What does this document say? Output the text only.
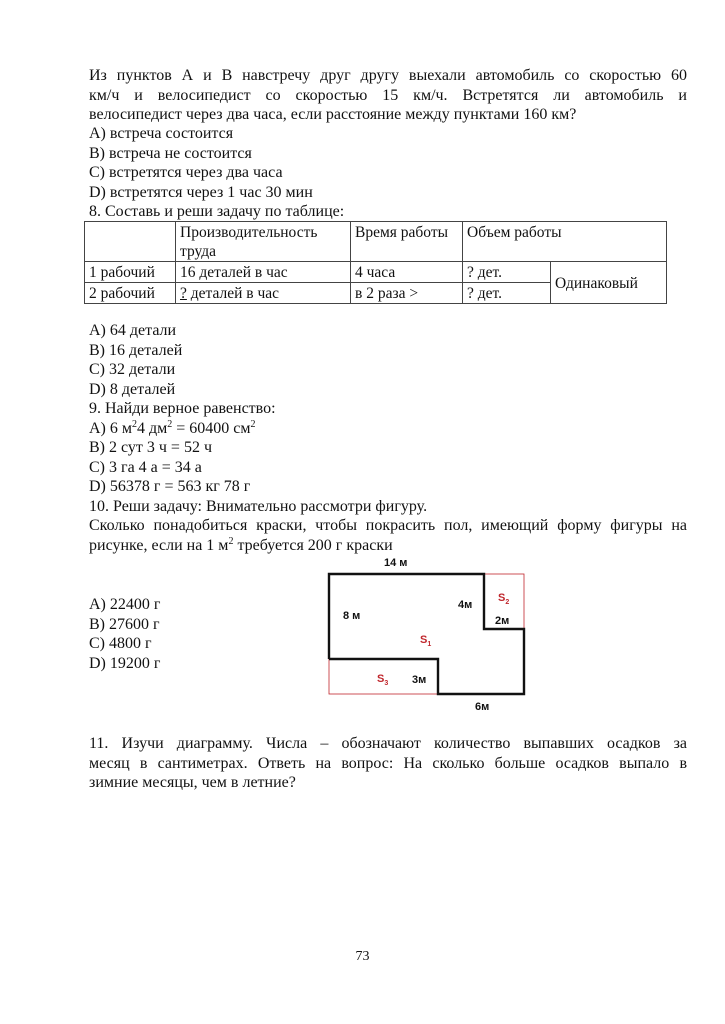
Из пунктов А и В навстречу друг другу выехали автомобиль со скоростью 60
км/ч и велосипедист со скоростью 15 км/ч. Встретятся ли автомобиль и
велосипедист через два часа, если расстояние между пунктами 160 км?
A) встреча состоится
B) встреча не состоится
C) встретятся через два часа
D) встретятся через 1 час 30 мин
8. Составь и реши задачу по таблице:
	Производительность труда	Время работы	Объем работы	
1 рабочий	16 деталей в час	4 часа	? дет.	Одинаковый
2 рабочий	? деталей в час	в 2 раза >	? дет.	
A) 64 детали
B) 16 деталей
C) 32 детали
D) 8 деталей
9. Найди верное равенство:
A) 6 $м^24$ $дм^2 = 60400$ $см^2$
B) 2 сут 3 ч = 52 ч
C) 3 га 4 а = 34 а
D) 56378 г = 563 кг 78 г
10. Реши задачу: Внимательно рассмотри фигуру.
Сколько понадобиться краски, чтобы покрасить пол, имеющий форму фигуры на
рисунке, если на 1 $м^2$ требуется 200 г краски
A) 22400 г
B) 27600 г
C) 4800 г
D) 19200 г
14 м
8 м
4м
2м
3м
6м
$S_1$
$S_2$
$S_3$
11. Изучи диаграмму. Числа – обозначают количество выпавших осадков за
месяц в сантиметрах. Ответь на вопрос: На сколько больше осадков выпало в
зимние месяцы, чем в летние?
73
